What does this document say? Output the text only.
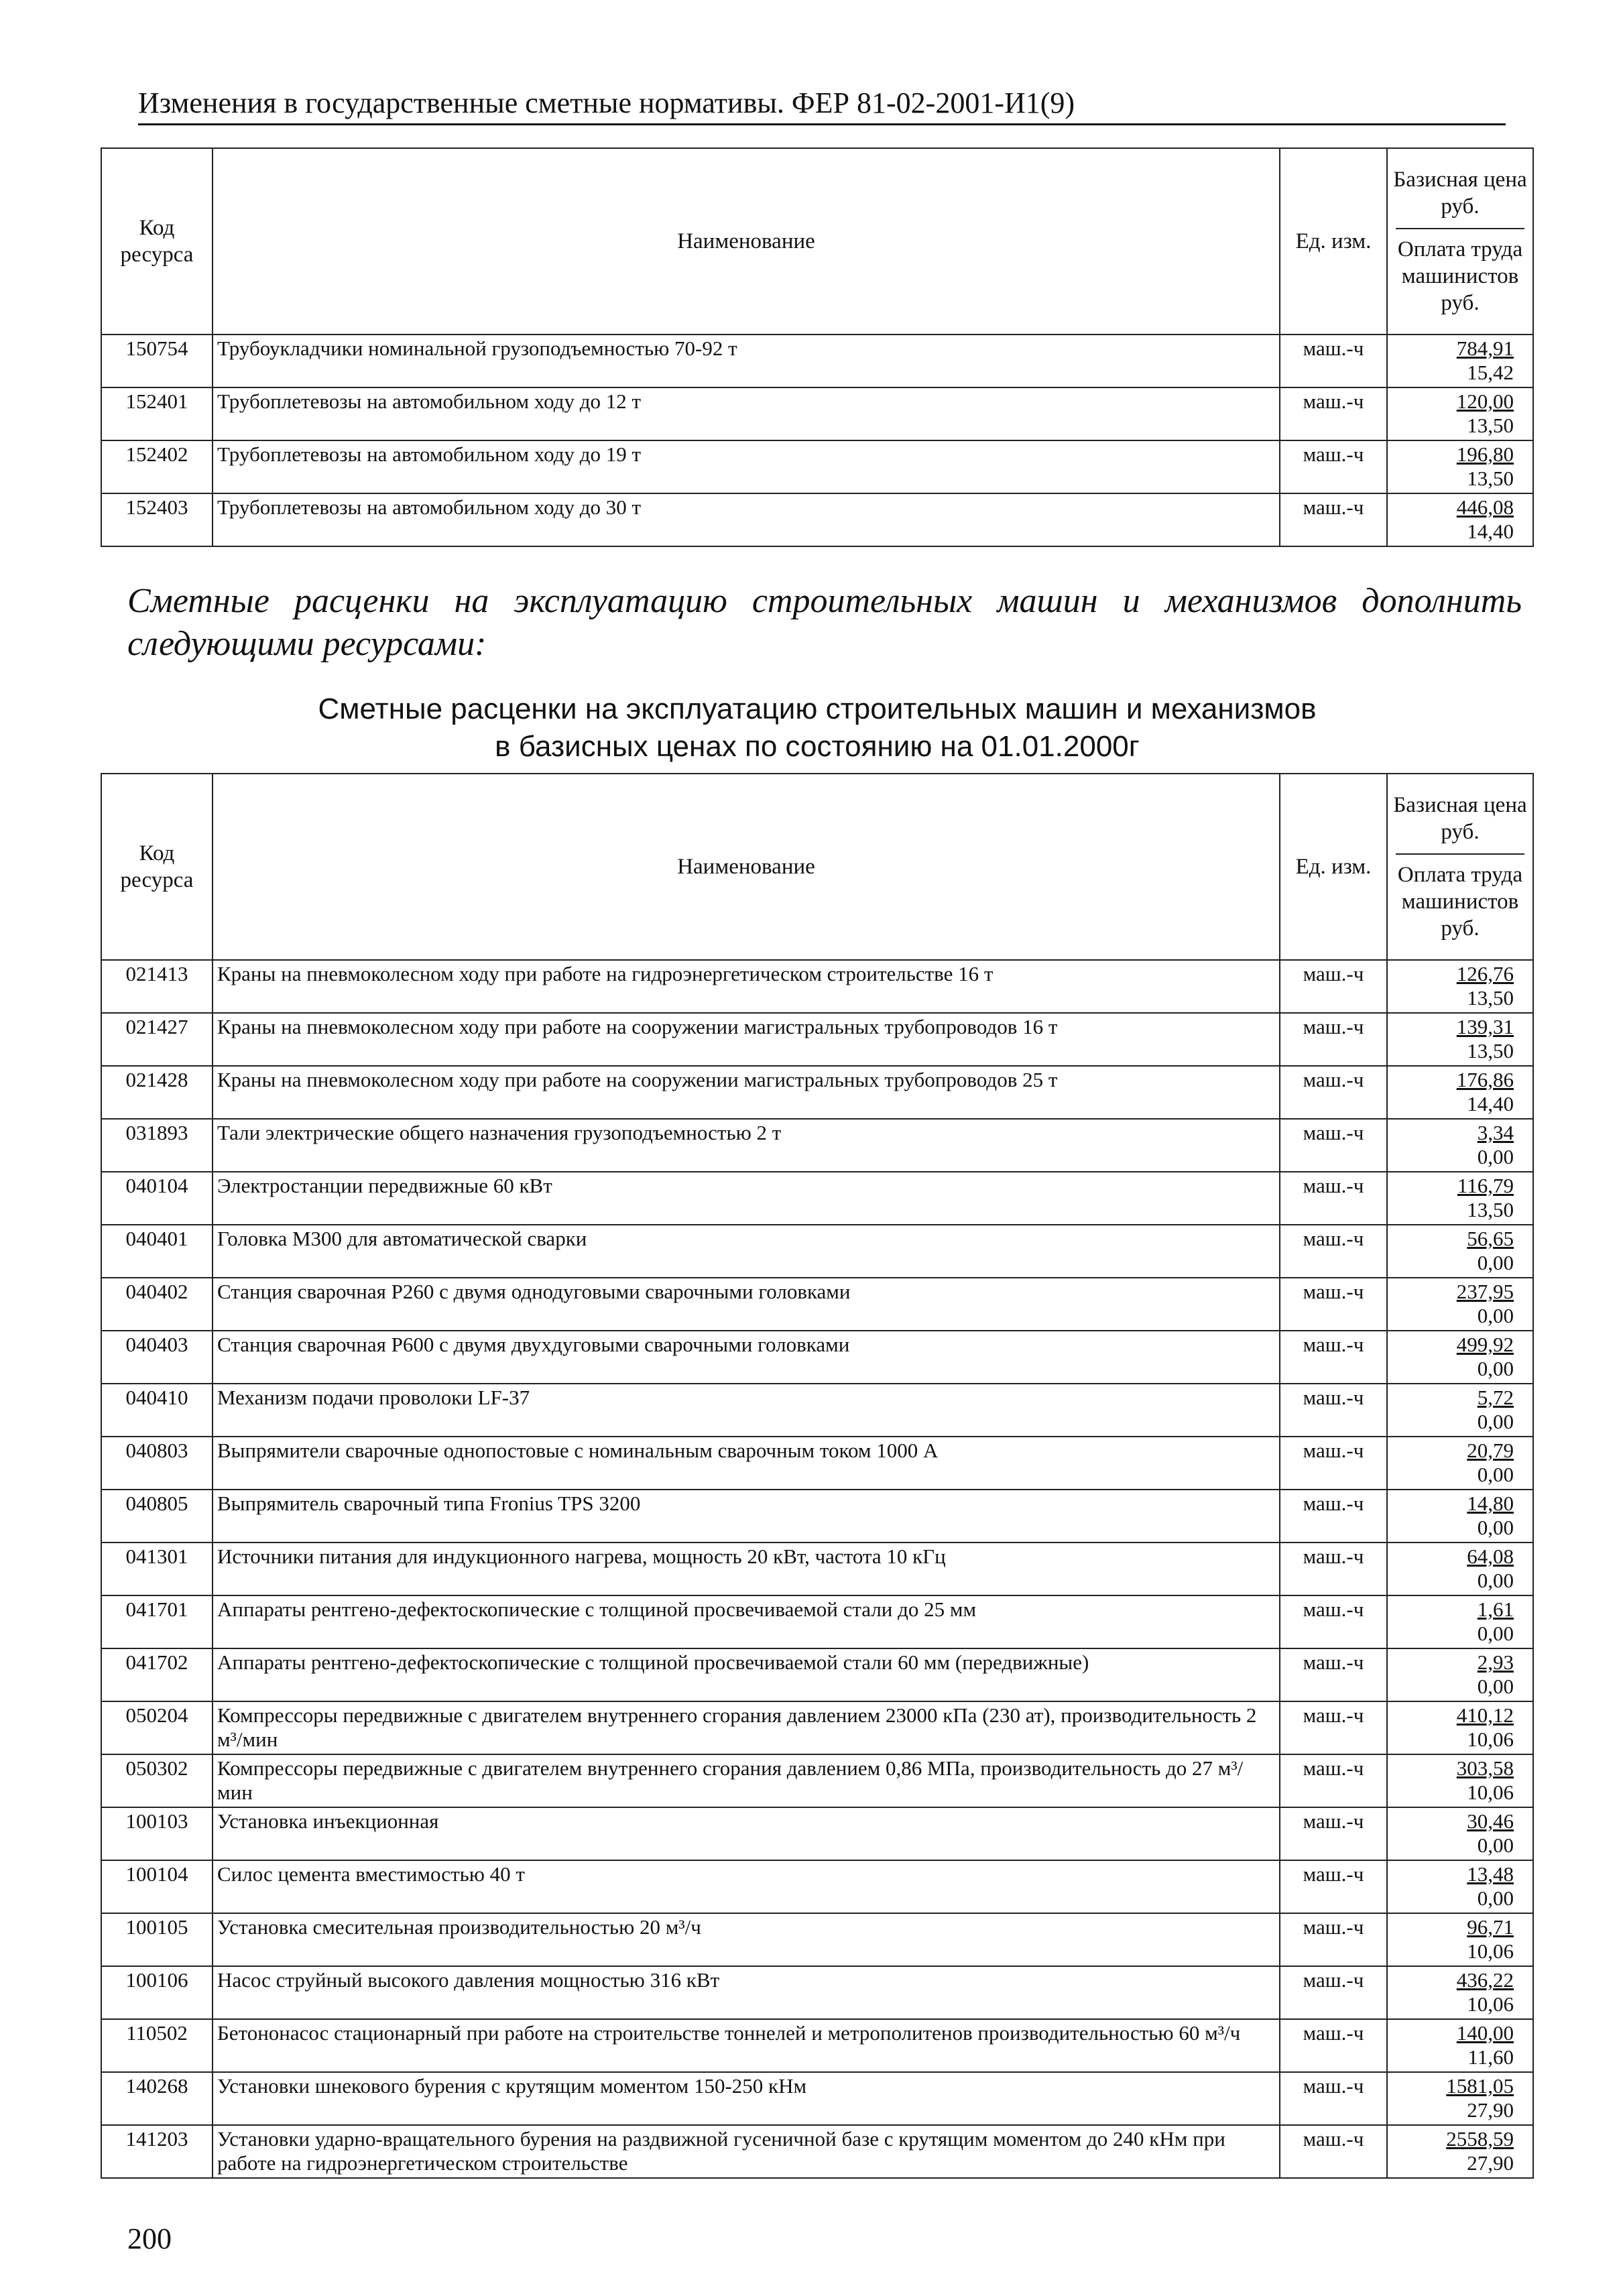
Изменения в государственные сметные нормативы. ФЕР 81-02-2001-И1(9)
Код ресурса	Наименование	Ед. изм.	Базисная цена руб.
Оплата труда машинистов руб.

150754	Трубоукладчики номинальной грузоподъемностью 70-92 т	маш.-ч	784,91
15,42

152401	Трубоплетевозы на автомобильном ходу до 12 т	маш.-ч	120,00
13,50

152402	Трубоплетевозы на автомобильном ходу до 19 т	маш.-ч	196,80
13,50

152403	Трубоплетевозы на автомобильном ходу до 30 т	маш.-ч	446,08
14,40
Сметные расценки на эксплуатацию строительных машин и механизмов дополнить следующими ресурсами:
Сметные расценки на эксплуатацию строительных машин и механизмов
в базисных ценах по состоянию на 01.01.2000г
Код ресурса	Наименование	Ед. изм.	Базисная цена руб.
Оплата труда машинистов руб.

021413	Краны на пневмоколесном ходу при работе на гидроэнергетическом строительстве 16 т	маш.-ч	126,76
13,50

021427	Краны на пневмоколесном ходу при работе на сооружении магистральных трубопроводов 16 т	маш.-ч	139,31
13,50

021428	Краны на пневмоколесном ходу при работе на сооружении магистральных трубопроводов 25 т	маш.-ч	176,86
14,40

031893	Тали электрические общего назначения грузоподъемностью 2 т	маш.-ч	3,34
0,00

040104	Электростанции передвижные 60 кВт	маш.-ч	116,79
13,50

040401	Головка М300 для автоматической сварки	маш.-ч	56,65
0,00

040402	Станция сварочная Р260 с двумя однодуговыми сварочными головками	маш.-ч	237,95
0,00

040403	Станция сварочная Р600 с двумя двухдуговыми сварочными головками	маш.-ч	499,92
0,00

040410	Механизм подачи проволоки LF-37	маш.-ч	5,72
0,00

040803	Выпрямители сварочные однопостовые с номинальным сварочным током 1000 А	маш.-ч	20,79
0,00

040805	Выпрямитель сварочный типа Fronius TPS 3200	маш.-ч	14,80
0,00

041301	Источники питания для индукционного нагрева, мощность 20 кВт, частота 10 кГц	маш.-ч	64,08
0,00

041701	Аппараты рентгено-дефектоскопические с толщиной просвечиваемой стали до 25 мм	маш.-ч	1,61
0,00

041702	Аппараты рентгено-дефектоскопические с толщиной просвечиваемой стали 60 мм (передвижные)	маш.-ч	2,93
0,00

050204	Компрессоры передвижные с двигателем внутреннего сгорания давлением 23000 кПа (230 ат), производительность 2 м³/мин	маш.-ч	410,12
10,06

050302	Компрессоры передвижные с двигателем внутреннего сгорания давлением 0,86 МПа, производительность до 27 м³/мин	маш.-ч	303,58
10,06

100103	Установка инъекционная	маш.-ч	30,46
0,00

100104	Силос цемента вместимостью 40 т	маш.-ч	13,48
0,00

100105	Установка смесительная производительностью 20 м³/ч	маш.-ч	96,71
10,06

100106	Насос струйный высокого давления мощностью 316 кВт	маш.-ч	436,22
10,06

110502	Бетононасос стационарный при работе на строительстве тоннелей и метрополитенов производительностью 60 м³/ч	маш.-ч	140,00
11,60

140268	Установки шнекового бурения с крутящим моментом 150-250 кНм	маш.-ч	1581,05
27,90

141203	Установки ударно-вращательного бурения на раздвижной гусеничной базе с крутящим моментом до 240 кНм при работе на гидроэнергетическом строительстве	маш.-ч	2558,59
27,90
200
